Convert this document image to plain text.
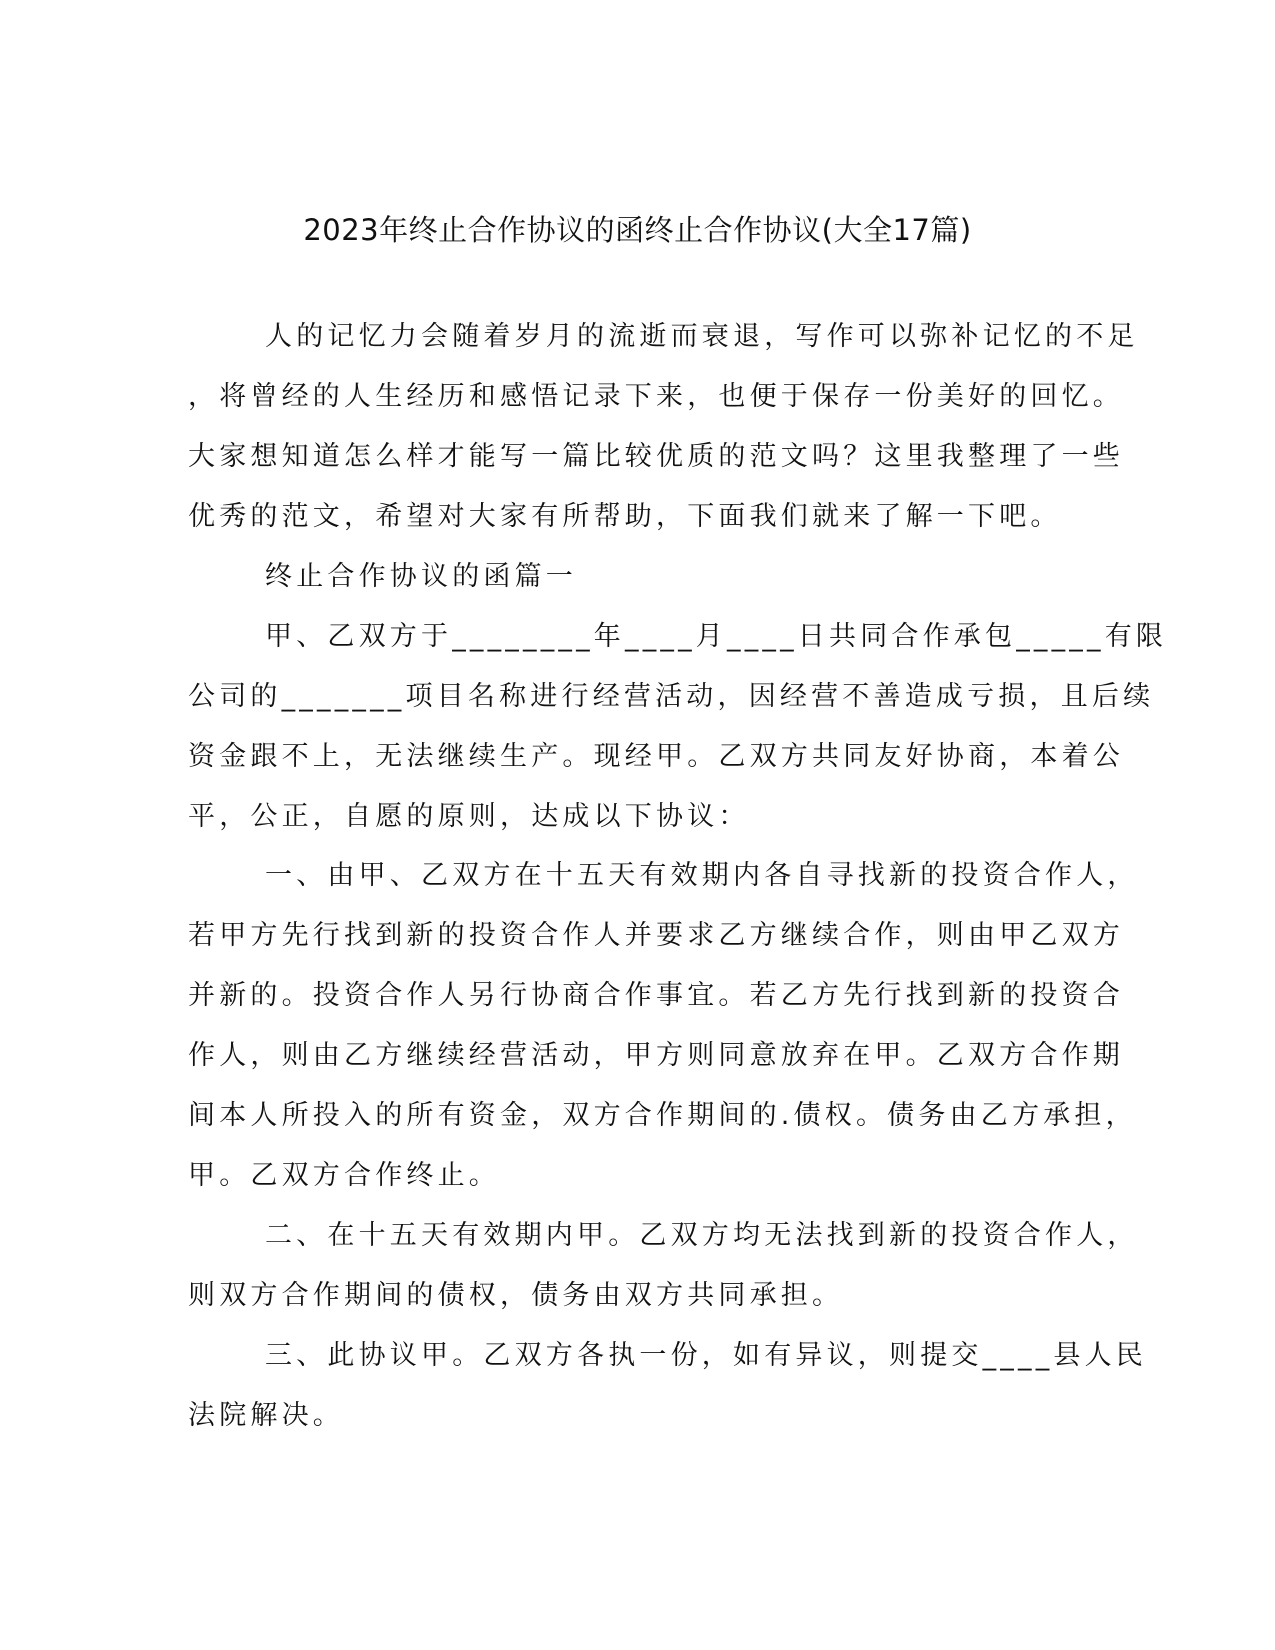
2023年终止合作协议的函终止合作协议(大全17篇)
人的记忆力会随着岁月的流逝而衰退，写作可以弥补记忆的不足
，将曾经的人生经历和感悟记录下来，也便于保存一份美好的回忆。
大家想知道怎么样才能写一篇比较优质的范文吗？这里我整理了一些
优秀的范文，希望对大家有所帮助，下面我们就来了解一下吧。
终止合作协议的函篇一
甲、乙双方于________年____月____日共同合作承包_____有限
公司的_______项目名称进行经营活动，因经营不善造成亏损，且后续
资金跟不上，无法继续生产。现经甲。乙双方共同友好协商，本着公
平，公正，自愿的原则，达成以下协议：
一、由甲、乙双方在十五天有效期内各自寻找新的投资合作人，
若甲方先行找到新的投资合作人并要求乙方继续合作，则由甲乙双方
并新的。投资合作人另行协商合作事宜。若乙方先行找到新的投资合
作人，则由乙方继续经营活动，甲方则同意放弃在甲。乙双方合作期
间本人所投入的所有资金，双方合作期间的.债权。债务由乙方承担，
甲。乙双方合作终止。
二、在十五天有效期内甲。乙双方均无法找到新的投资合作人，
则双方合作期间的债权，债务由双方共同承担。
三、此协议甲。乙双方各执一份，如有异议，则提交____县人民
法院解决。
